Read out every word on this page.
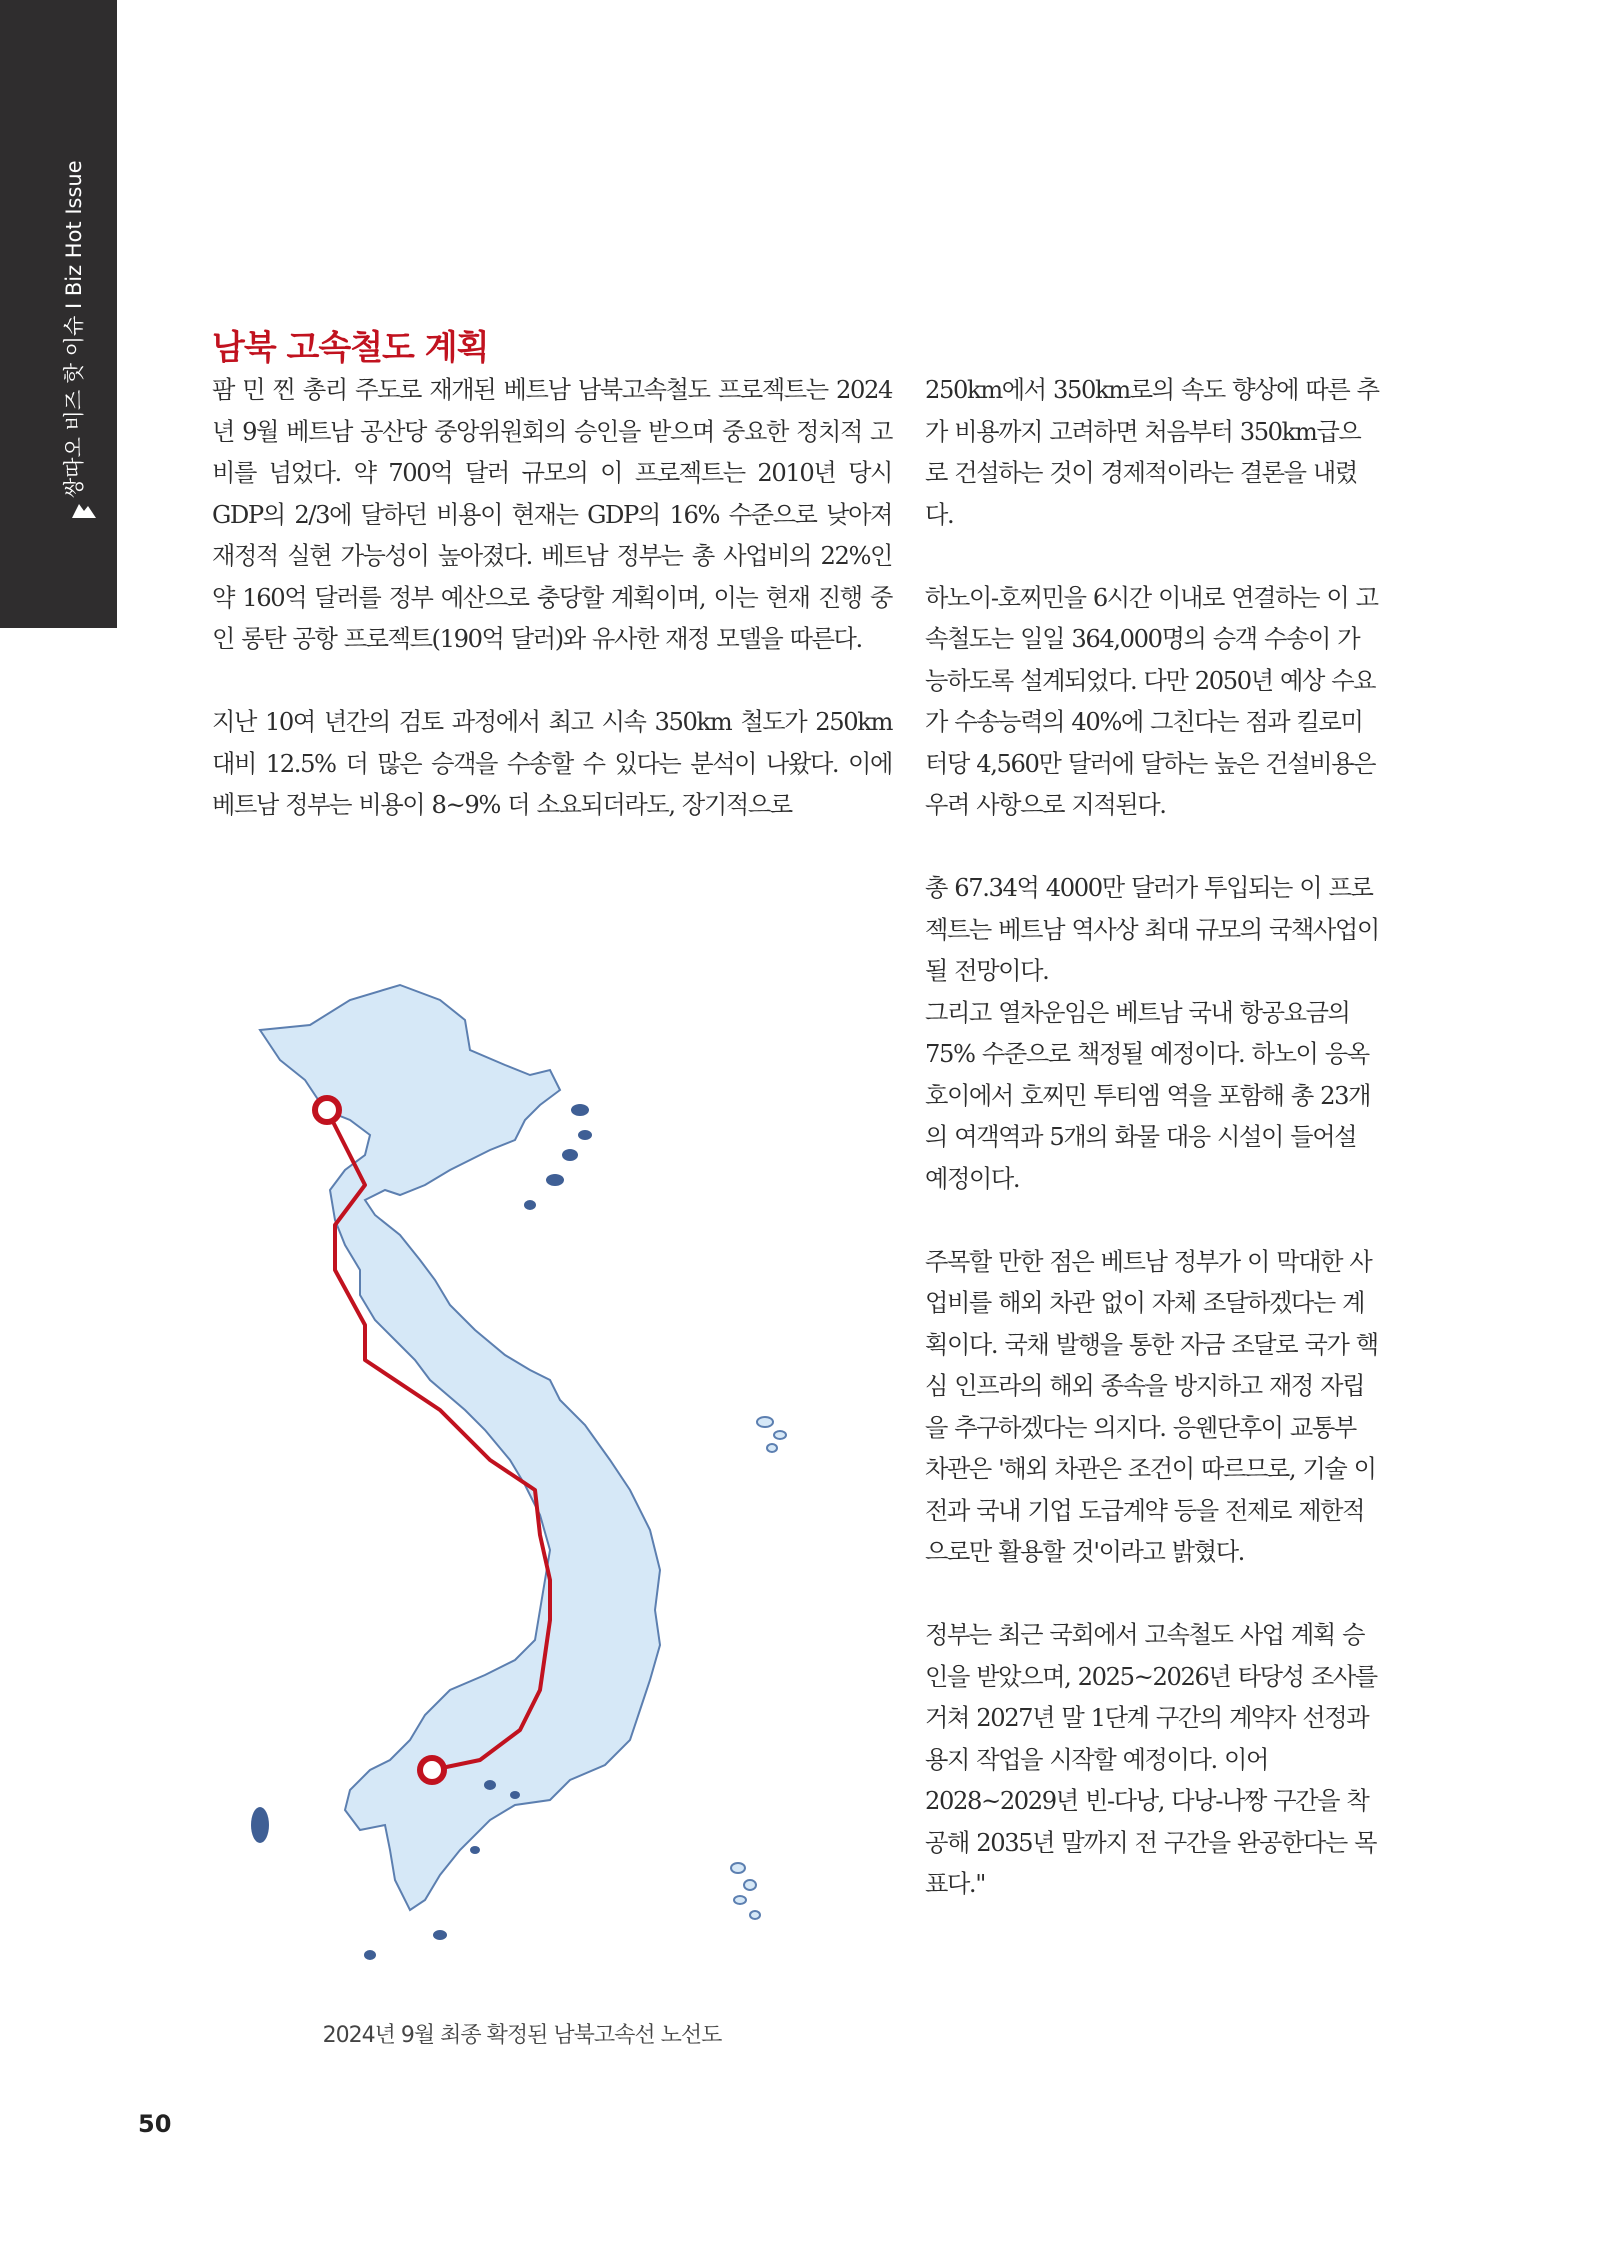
쌍따오 비즈 핫 이슈 I Biz Hot Issue	남북 고속철도 계획

팜 민 찐 총리 주도로 재개된 베트남 남북고속철도 프로젝트는 2024년 9월 베트남 공산당 중앙위원회의 승인을 받으며 중요한 정치적 고비를 넘었다. 약 700억 달러 규모의 이 프로젝트는 2010년 당시 GDP의 2/3에 달하던 비용이 현재는 GDP의 16% 수준으로 낮아져 재정적 실현 가능성이 높아졌다. 베트남 정부는 총 사업비의 22%인 약 160억 달러를 정부 예산으로 충당할 계획이며, 이는 현재 진행 중인 롱탄 공항 프로젝트(190억 달러)와 유사한 재정 모델을 따른다.

지난 10여 년간의 검토 과정에서 최고 시속 350km 철도가 250km 대비 12.5% 더 많은 승객을 수송할 수 있다는 분석이 나왔다. 이에 베트남 정부는 비용이 8~9% 더 소요되더라도, 장기적으로

250km에서 350km로의 속도 향상에 따른 추가 비용까지 고려하면 처음부터 350km급으로 건설하는 것이 경제적이라는 결론을 내렸다.

하노이-호찌민을 6시간 이내로 연결하는 이 고속철도는 일일 364,000명의 승객 수송이 가능하도록 설계되었다. 다만 2050년 예상 수요가 수송능력의 40%에 그친다는 점과 킬로미터당 4,560만 달러에 달하는 높은 건설비용은 우려 사항으로 지적된다.

총 67.34억 4000만 달러가 투입되는 이 프로젝트는 베트남 역사상 최대 규모의 국책사업이 될 전망이다.

그리고 열차운임은 베트남 국내 항공요금의 75% 수준으로 책정될 예정이다. 하노이 응옥호이에서 호찌민 투티엠 역을 포함해 총 23개의 여객역과 5개의 화물 대응 시설이 들어설 예정이다.

주목할 만한 점은 베트남 정부가 이 막대한 사업비를 해외 차관 없이 자체 조달하겠다는 계획이다. 국채 발행을 통한 자금 조달로 국가 핵심 인프라의 해외 종속을 방지하고 재정 자립을 추구하겠다는 의지다. 응웬단후이 교통부 차관은 '해외 차관은 조건이 따르므로, 기술 이전과 국내 기업 도급계약 등을 전제로 제한적으로만 활용할 것'이라고 밝혔다.

정부는 최근 국회에서 고속철도 사업 계획 승인을 받았으며, 2025~2026년 타당성 조사를 거쳐 2027년 말 1단계 구간의 계약자 선정과 용지 작업을 시작할 예정이다. 이어 2028~2029년 빈-다낭, 다낭-나짱 구간을 착공해 2035년 말까지 전 구간을 완공한다는 목표다."

2024년 9월 최종 확정된 남북고속선 노선도
50
